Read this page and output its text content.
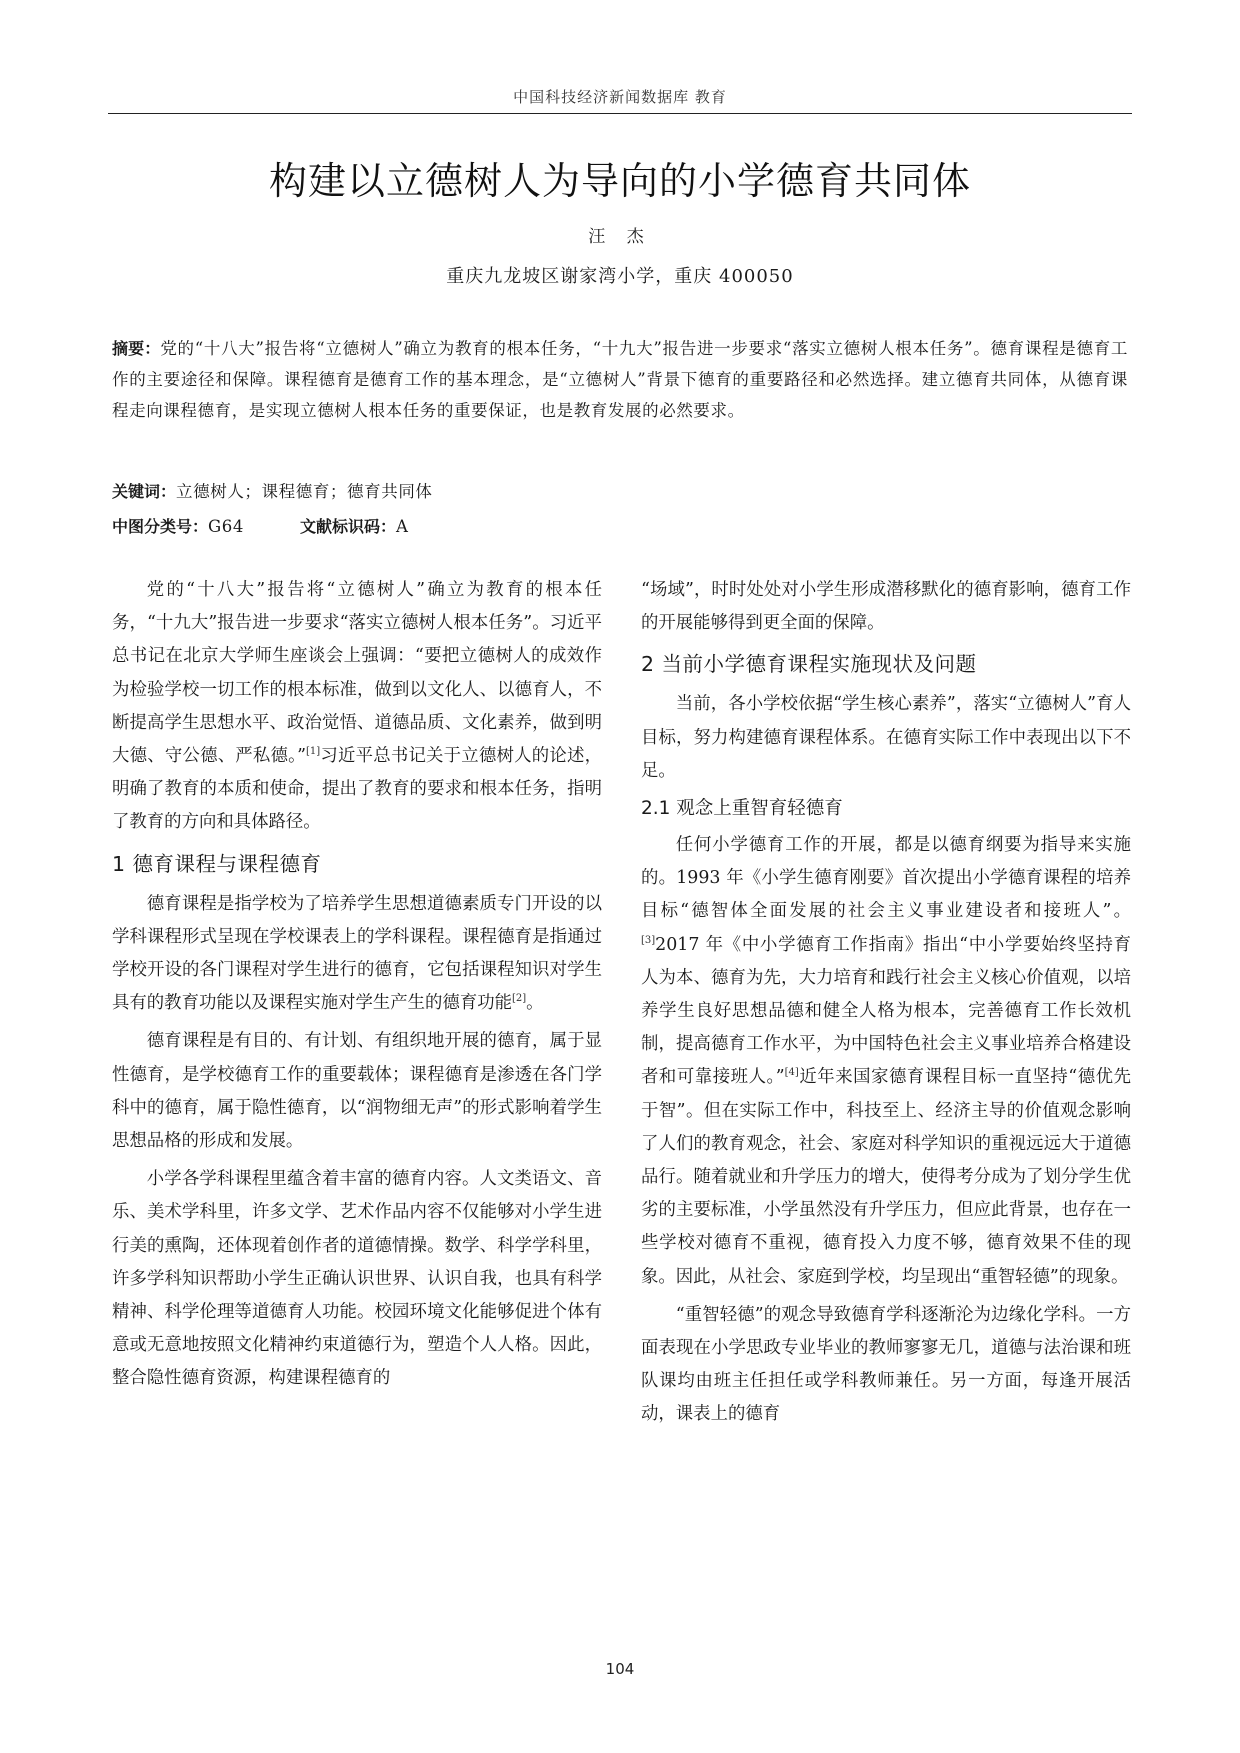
中国科技经济新闻数据库 教育
构建以立德树人为导向的小学德育共同体
汪 杰
重庆九龙坡区谢家湾小学，重庆 400050
摘要：党的“十八大”报告将“立德树人”确立为教育的根本任务，“十九大”报告进一步要求“落实立德树人根本任务”。德育课程是德育工作的主要途径和保障。课程德育是德育工作的基本理念，是“立德树人”背景下德育的重要路径和必然选择。建立德育共同体，从德育课程走向课程德育，是实现立德树人根本任务的重要保证，也是教育发展的必然要求。
关键词：立德树人；课程德育；德育共同体
中图分类号：G64	文献标识码：A

党的“十八大”报告将“立德树人”确立为教育的根本任务，“十九大”报告进一步要求“落实立德树人根本任务”。习近平总书记在北京大学师生座谈会上强调：“要把立德树人的成效作为检验学校一切工作的根本标准，做到以文化人、以德育人，不断提高学生思想水平、政治觉悟、道德品质、文化素养，做到明大德、守公德、严私德。”[1]习近平总书记关于立德树人的论述，明确了教育的本质和使命，提出了教育的要求和根本任务，指明了教育的方向和具体路径。

1 德育课程与课程德育

德育课程是指学校为了培养学生思想道德素质专门开设的以学科课程形式呈现在学校课表上的学科课程。课程德育是指通过学校开设的各门课程对学生进行的德育，它包括课程知识对学生具有的教育功能以及课程实施对学生产生的德育功能[2]。

德育课程是有目的、有计划、有组织地开展的德育，属于显性德育，是学校德育工作的重要载体；课程德育是渗透在各门学科中的德育，属于隐性德育，以“润物细无声”的形式影响着学生思想品格的形成和发展。

小学各学科课程里蕴含着丰富的德育内容。人文类语文、音乐、美术学科里，许多文学、艺术作品内容不仅能够对小学生进行美的熏陶，还体现着创作者的道德情操。数学、科学学科里，许多学科知识帮助小学生正确认识世界、认识自我，也具有科学精神、科学伦理等道德育人功能。校园环境文化能够促进个体有意或无意地按照文化精神约束道德行为，塑造个人人格。因此，整合隐性德育资源，构建课程德育的

“场域”，时时处处对小学生形成潜移默化的德育影响，德育工作的开展能够得到更全面的保障。

2 当前小学德育课程实施现状及问题

当前，各小学校依据“学生核心素养”，落实“立德树人”育人目标，努力构建德育课程体系。在德育实际工作中表现出以下不足。

2.1 观念上重智育轻德育

任何小学德育工作的开展，都是以德育纲要为指导来实施的。1993 年《小学生德育刚要》首次提出小学德育课程的培养目标“德智体全面发展的社会主义事业建设者和接班人”。[3]2017 年《中小学德育工作指南》指出“中小学要始终坚持育人为本、德育为先，大力培育和践行社会主义核心价值观，以培养学生良好思想品德和健全人格为根本，完善德育工作长效机制，提高德育工作水平，为中国特色社会主义事业培养合格建设者和可靠接班人。”[4]近年来国家德育课程目标一直坚持“德优先于智”。但在实际工作中，科技至上、经济主导的价值观念影响了人们的教育观念，社会、家庭对科学知识的重视远远大于道德品行。随着就业和升学压力的增大，使得考分成为了划分学生优劣的主要标准，小学虽然没有升学压力，但应此背景，也存在一些学校对德育不重视，德育投入力度不够，德育效果不佳的现象。因此，从社会、家庭到学校，均呈现出“重智轻德”的现象。

“重智轻德”的观念导致德育学科逐渐沦为边缘化学科。一方面表现在小学思政专业毕业的教师寥寥无几，道德与法治课和班队课均由班主任担任或学科教师兼任。另一方面，每逢开展活动，课表上的德育

104
